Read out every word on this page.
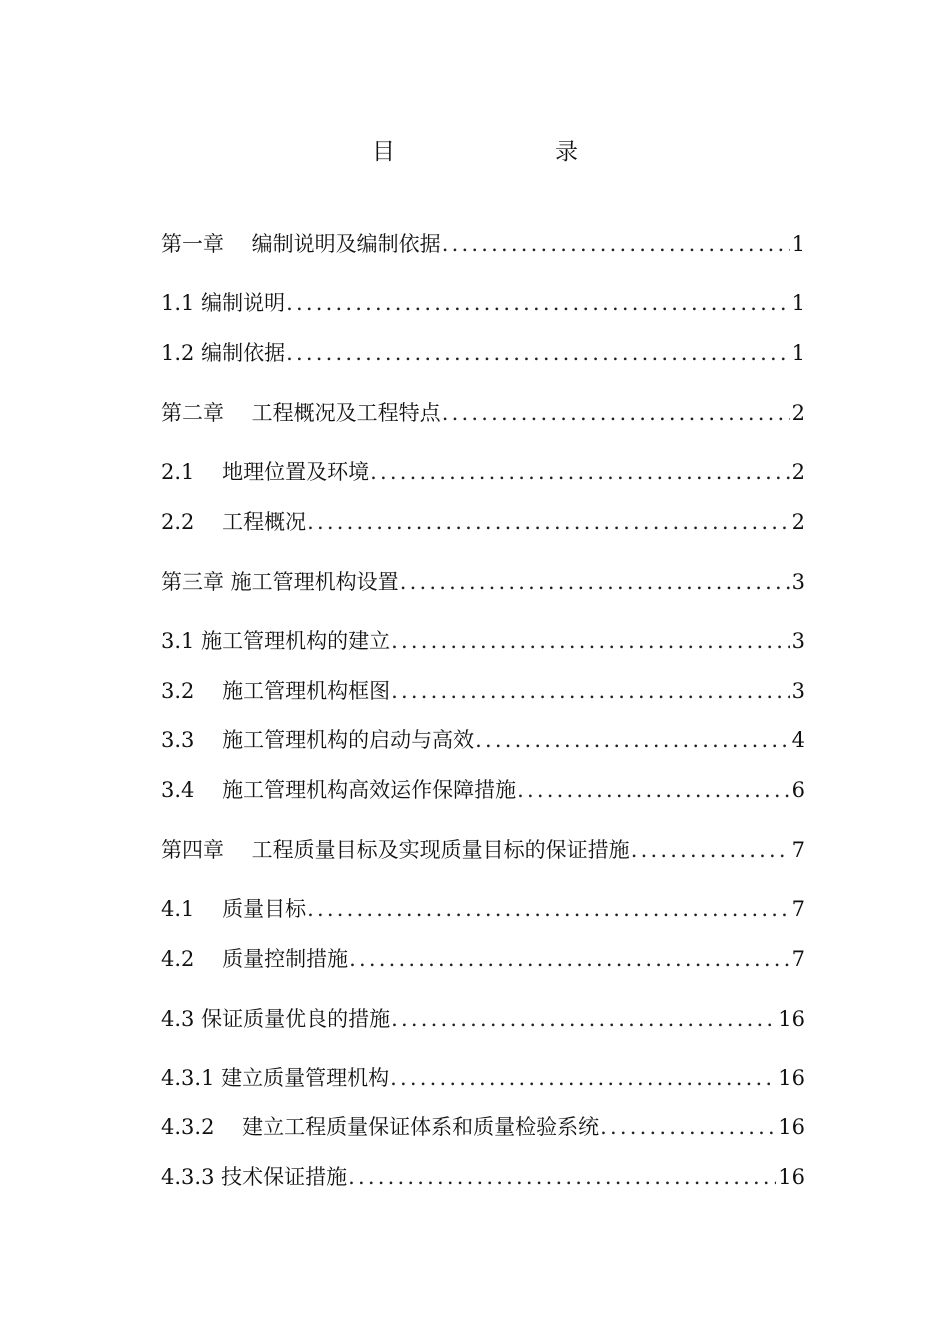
目　　录
第一章　 编制说明及编制依据 .....	1
1.1 编制说明 .....	1
1.2 编制依据 .....	1
第二章　 工程概况及工程特点 .....	2
2.1　 地理位置及环境 .....	2
2.2　 工程概况 .....	2
第三章 施工管理机构设置 .....	3
3.1 施工管理机构的建立 .....	3
3.2　 施工管理机构框图 .....	3
3.3　 施工管理机构的启动与高效 .....	4
3.4　 施工管理机构高效运作保障措施 .....	6
第四章　 工程质量目标及实现质量目标的保证措施 .....	7
4.1　 质量目标 .....	7
4.2　 质量控制措施 .....	7
4.3 保证质量优良的措施 .....	16
4.3.1 建立质量管理机构 .....	16
4.3.2　 建立工程质量保证体系和质量检验系统 .....	16
4.3.3 技术保证措施 .....	16
